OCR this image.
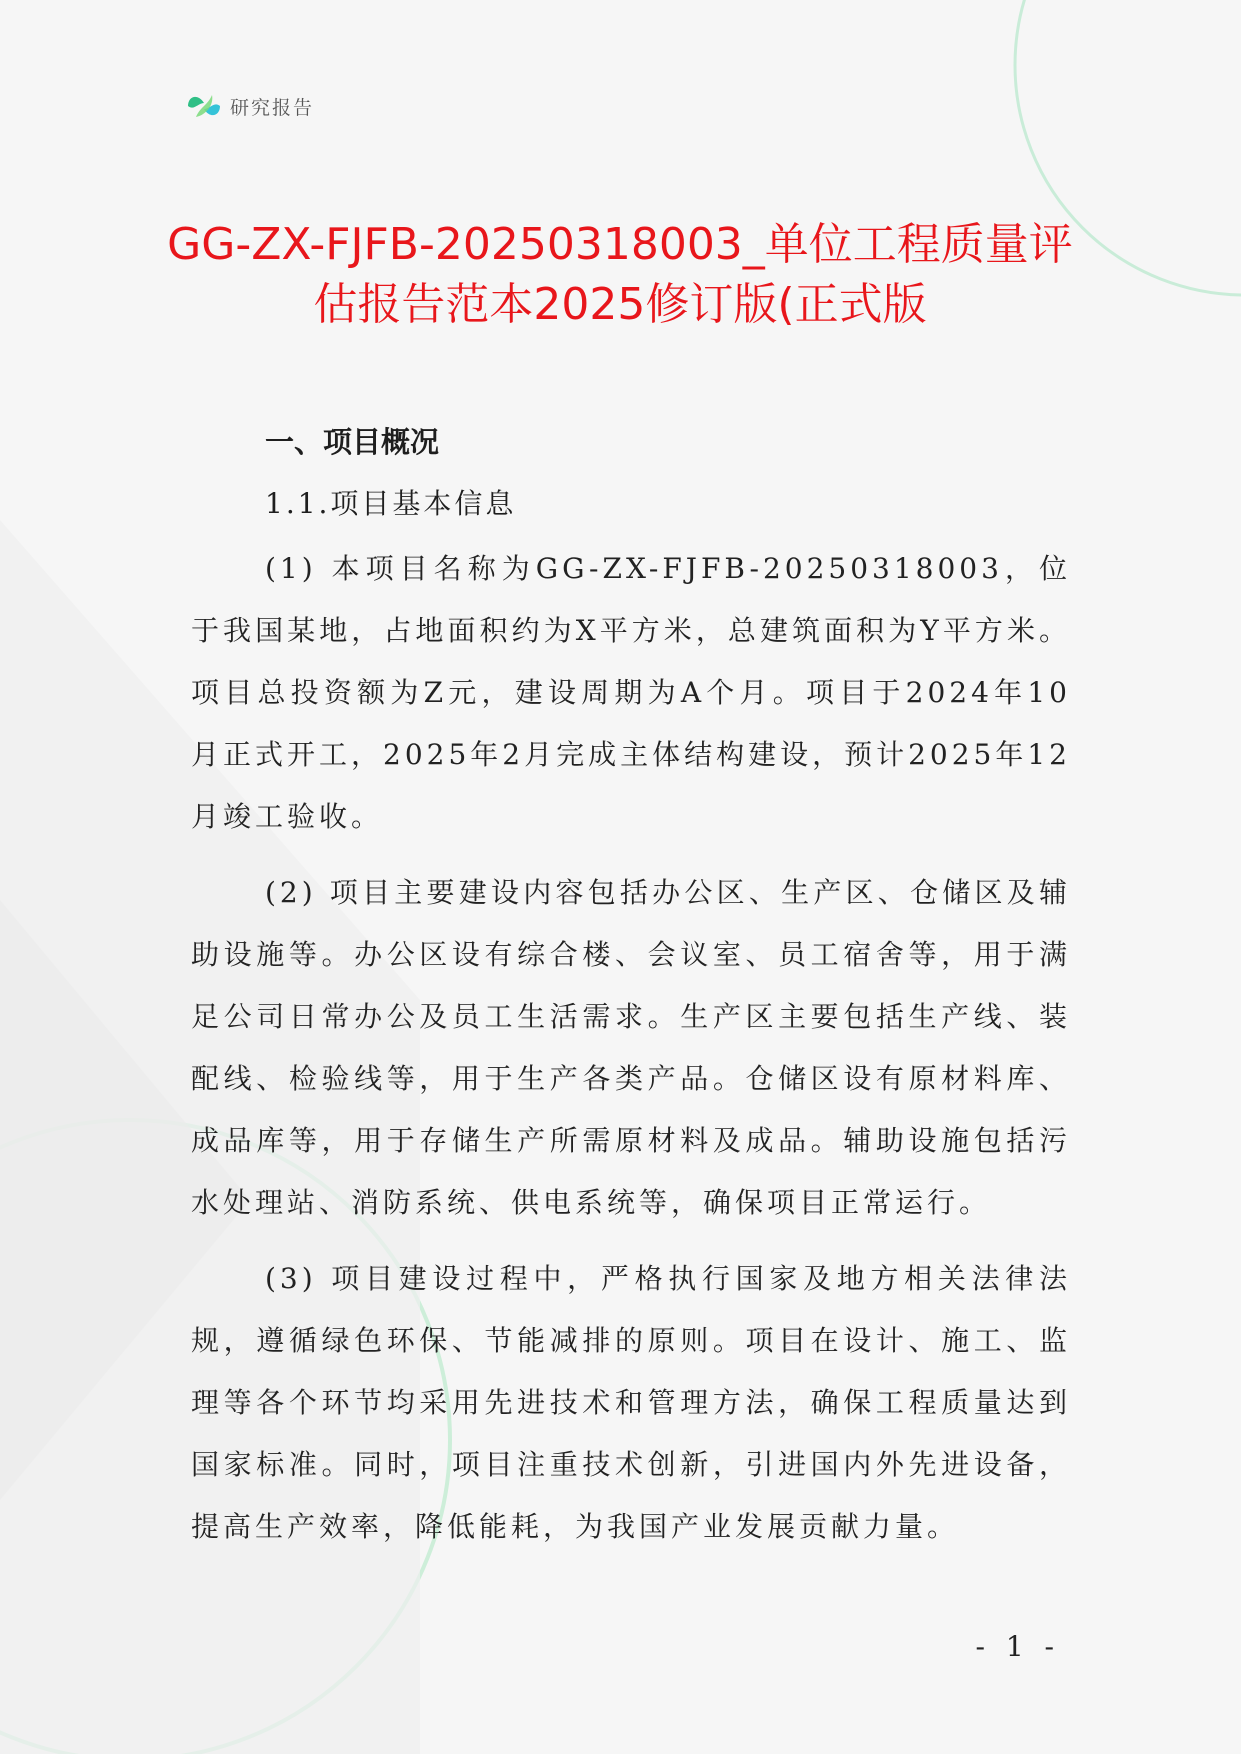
研究报告
GG-ZX-FJFB-20250318003_单位工程质量评估报告范本2025修订版(正式版
一、项目概况
1.1.项目基本信息

(1) 本项目名称为GG-ZX-FJFB-20250318003，位于我国某地，占地面积约为X平方米，总建筑面积为Y平方米。项目总投资额为Z元，建设周期为A个月。项目于2024年10月正式开工，2025年2月完成主体结构建设，预计2025年12月竣工验收。

(2) 项目主要建设内容包括办公区、生产区、仓储区及辅助设施等。办公区设有综合楼、会议室、员工宿舍等，用于满足公司日常办公及员工生活需求。生产区主要包括生产线、装配线、检验线等，用于生产各类产品。仓储区设有原材料库、成品库等，用于存储生产所需原材料及成品。辅助设施包括污水处理站、消防系统、供电系统等，确保项目正常运行。

(3) 项目建设过程中，严格执行国家及地方相关法律法规，遵循绿色环保、节能减排的原则。项目在设计、施工、监理等各个环节均采用先进技术和管理方法，确保工程质量达到国家标准。同时，项目注重技术创新，引进国内外先进设备，提高生产效率，降低能耗，为我国产业发展贡献力量。

- 1 -
